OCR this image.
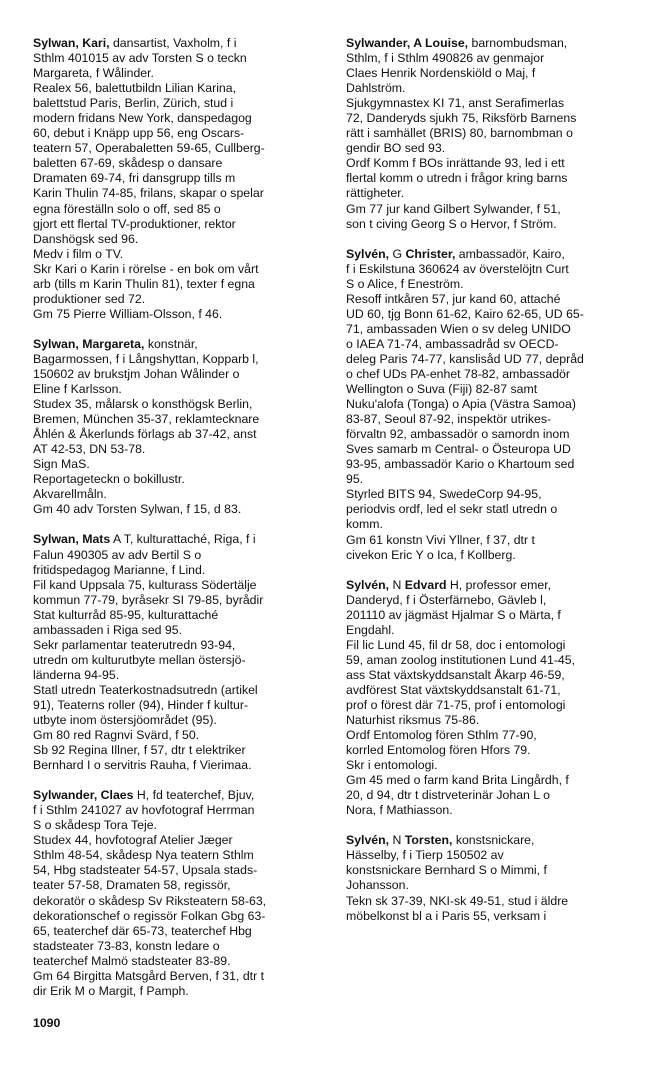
Sylwan, Kari, dansartist, Vaxholm, f i

Sthlm 401015 av adv Torsten S o teckn

Margareta, f Wålinder.

Realex 56, balettutbildn Lilian Karina,

balettstud Paris, Berlin, Zürich, stud i

modern fridans New York, danspedagog

60, debut i Knäpp upp 56, eng Oscars-

teatern 57, Operabaletten 59-65, Cullberg-

baletten 67-69, skådesp o dansare

Dramaten 69-74, fri dansgrupp tills m

Karin Thulin 74-85, frilans, skapar o spelar

egna föreställn solo o off, sed 85 o

gjort ett flertal TV-produktioner, rektor

Danshögsk sed 96.

Medv i film o TV.

Skr Kari o Karin i rörelse - en bok om vårt

arb (tills m Karin Thulin 81), texter f egna

produktioner sed 72.

Gm 75 Pierre William-Olsson, f 46.

Sylwan, Margareta, konstnär,

Bagarmossen, f i Långshyttan, Kopparb l,

150602 av brukstjm Johan Wålinder o

Eline f Karlsson.

Studex 35, målarsk o konsthögsk Berlin,

Bremen, München 35-37, reklamtecknare

Åhlén & Åkerlunds förlags ab 37-42, anst

AT 42-53, DN 53-78.

Sign MaS.

Reportageteckn o bokillustr.

Akvarellmåln.

Gm 40 adv Torsten Sylwan, f 15, d 83.

Sylwan, Mats A T, kulturattaché, Riga, f i

Falun 490305 av adv Bertil S o

fritidspedagog Marianne, f Lind.

Fil kand Uppsala 75, kulturass Södertälje

kommun 77-79, byråsekr SI 79-85, byrådir

Stat kulturråd 85-95, kulturattaché

ambassaden i Riga sed 95.

Sekr parlamentar teaterutredn 93-94,

utredn om kulturutbyte mellan östersjö-

länderna 94-95.

Statl utredn Teaterkostnadsutredn (artikel

91), Teaterns roller (94), Hinder f kultur-

utbyte inom östersjöområdet (95).

Gm 80 red Ragnvi Svärd, f 50.

Sb 92 Regina Illner, f 57, dtr t elektriker

Bernhard I o servitris Rauha, f Vierimaa.

Sylwander, Claes H, fd teaterchef, Bjuv,

f i Sthlm 241027 av hovfotograf Herrman

S o skådesp Tora Teje.

Studex 44, hovfotograf Atelier Jæger

Sthlm 48-54, skådesp Nya teatern Sthlm

54, Hbg stadsteater 54-57, Upsala stads-

teater 57-58, Dramaten 58, regissör,

dekoratör o skådesp Sv Riksteatern 58-63,

dekorationschef o regissör Folkan Gbg 63-

65, teaterchef där 65-73, teaterchef Hbg

stadsteater 73-83, konstn ledare o

teaterchef Malmö stadsteater 83-89.

Gm 64 Birgitta Matsgård Berven, f 31, dtr t

dir Erik M o Margit, f Pamph.

Sylwander, A Louise, barnombudsman,

Sthlm, f i Sthlm 490826 av genmajor

Claes Henrik Nordenskiöld o Maj, f

Dahlström.

Sjukgymnastex KI 71, anst Serafimerlas

72, Danderyds sjukh 75, Riksförb Barnens

rätt i samhället (BRIS) 80, barnombman o

gendir BO sed 93.

Ordf Komm f BOs inrättande 93, led i ett

flertal komm o utredn i frågor kring barns

rättigheter.

Gm 77 jur kand Gilbert Sylwander, f 51,

son t civing Georg S o Hervor, f Ström.

Sylvén, G Christer, ambassadör, Kairo,

f i Eskilstuna 360624 av överstelöjtn Curt

S o Alice, f Eneström.

Resoff intkåren 57, jur kand 60, attaché

UD 60, tjg Bonn 61-62, Kairo 62-65, UD 65-

71, ambassaden Wien o sv deleg UNIDO

o IAEA 71-74, ambassadråd sv OECD-

deleg Paris 74-77, kanslisåd UD 77, depråd

o chef UDs PA-enhet 78-82, ambassadör

Wellington o Suva (Fiji) 82-87 samt

Nuku'alofa (Tonga) o Apia (Västra Samoa)

83-87, Seoul 87-92, inspektör utrikes-

förvaltn 92, ambassadör o samordn inom

Sves samarb m Central- o Östeuropa UD

93-95, ambassadör Kario o Khartoum sed

95.

Styrled BITS 94, SwedeCorp 94-95,

periodvis ordf, led el sekr statl utredn o

komm.

Gm 61 konstn Vivi Yllner, f 37, dtr t

civekon Eric Y o Ica, f Kollberg.

Sylvén, N Edvard H, professor emer,

Danderyd, f i Österfärnebo, Gävleb l,

201110 av jägmäst Hjalmar S o Märta, f

Engdahl.

Fil lic Lund 45, fil dr 58, doc i entomologi

59, aman zoolog institutionen Lund 41-45,

ass Stat växtskyddsanstalt Åkarp 46-59,

avdförest Stat växtskyddsanstalt 61-71,

prof o förest där 71-75, prof i entomologi

Naturhist riksmus 75-86.

Ordf Entomolog fören Sthlm 77-90,

korrled Entomolog fören Hfors 79.

Skr i entomologi.

Gm 45 med o farm kand Brita Lingårdh, f

20, d 94, dtr t distrveterinär Johan L o

Nora, f Mathiasson.

Sylvén, N Torsten, konstsnickare,

Hässelby, f i Tierp 150502 av

konstsnickare Bernhard S o Mimmi, f

Johansson.

Tekn sk 37-39, NKI-sk 49-51, stud i äldre

möbelkonst bl a i Paris 55, verksam i

1090
